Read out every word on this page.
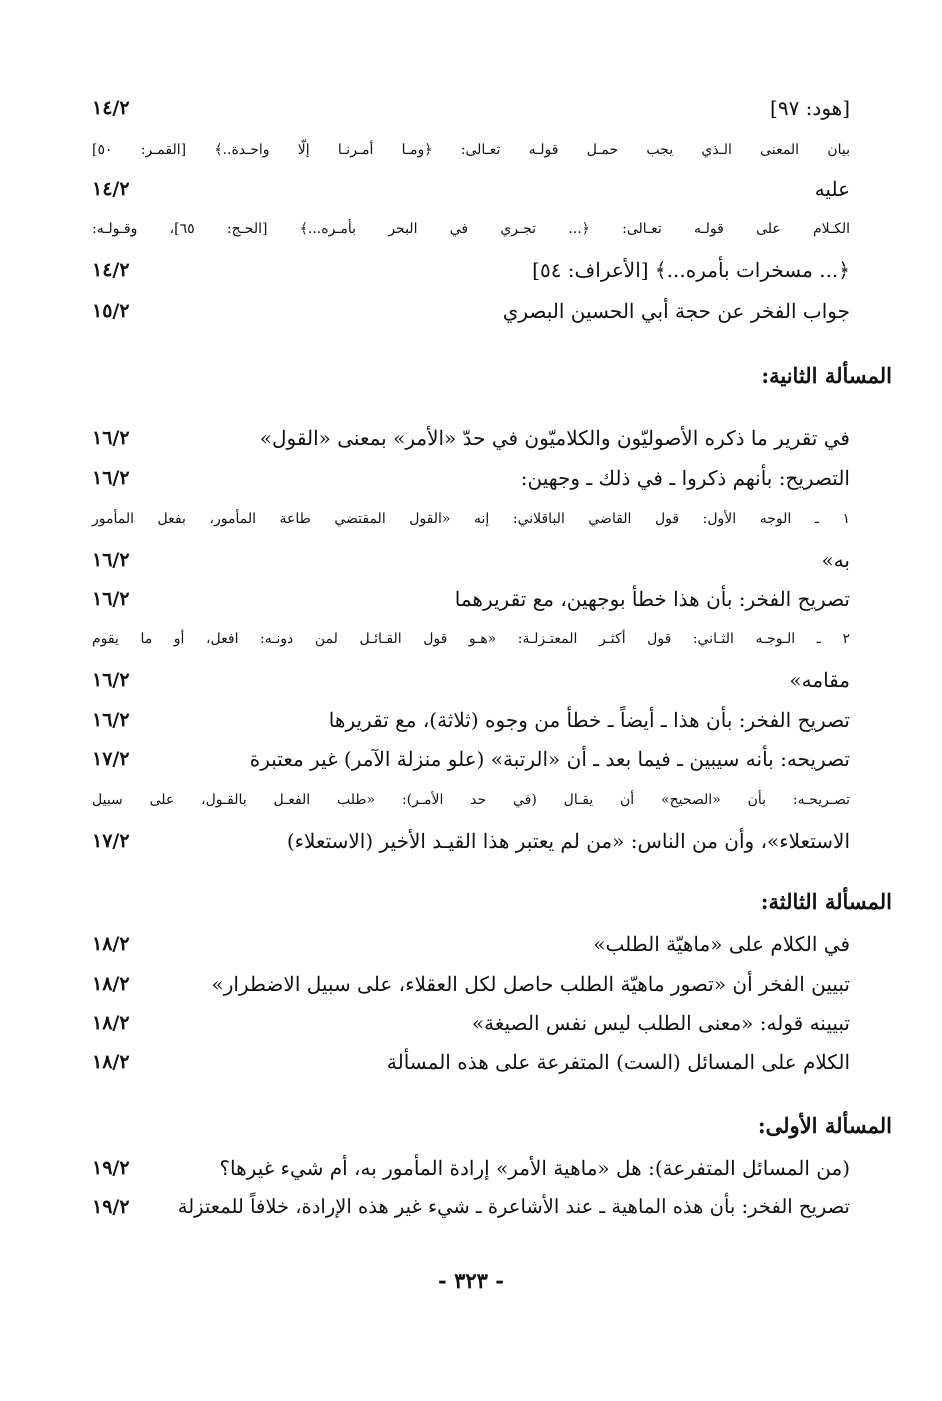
[هود: ٩٧]
١٤/٢
بيان المعنى الـذي يجب حمـل قولـه تعـالى: ﴿ومـا أمـرنـا إلّا واحـدة..﴾ [القمـر: ٥٠]
عليه
١٤/٢
الكـلام على قولـه تعـالى: ﴿... تجـري في البحر بأمـره...﴾ [الحـج: ٦٥]، وقـولـه:
﴿... مسخرات بأمره...﴾ [الأعراف: ٥٤]
١٤/٢
جواب الفخر عن حجة أبي الحسين البصري
١٥/٢
المسألة الثانية:
في تقرير ما ذكره الأصوليّون والكلاميّون في حدّ «الأمر» بمعنى «القول»
١٦/٢
التصريح: بأنهم ذكروا ـ في ذلك ـ وجهين:
١٦/٢
١ ـ الوجه الأول: قول القاضي الباقلاني: إنه «القول المقتضي طاعة المأمور، بفعل المأمور
به»
١٦/٢
تصريح الفخر: بأن هذا خطأ بوجهين، مع تقريرهما
١٦/٢
٢ ـ الـوجـه الثـاني: قول أكثـر المعتـزلـة: «هـو قول القـائـل لمن دونـه: افعل، أو ما يقوم
مقامه»
١٦/٢
تصريح الفخر: بأن هذا ـ أيضاً ـ خطأ من وجوه (ثلاثة)، مع تقريرها
١٦/٢
تصريحه: بأنه سيبين ـ فيما بعد ـ أن «الرتبة» (علو منزلة الآمر) غير معتبرة
١٧/٢
تصـريحـه: بأن «الصحيح» أن يقـال (في حد الأمـر): «طلب الفعـل بالقـول، على سبيل
الاستعلاء»، وأن من الناس: «من لم يعتبر هذا القيـد الأخير (الاستعلاء)
١٧/٢
المسألة الثالثة:
في الكلام على «ماهيّة الطلب»
١٨/٢
تبيين الفخر أن «تصور ماهيّة الطلب حاصل لكل العقلاء، على سبيل الاضطرار»
١٨/٢
تبيينه قوله: «معنى الطلب ليس نفس الصيغة»
١٨/٢
الكلام على المسائل (الست) المتفرعة على هذه المسألة
١٨/٢
المسألة الأولى:
(من المسائل المتفرعة): هل «ماهية الأمر» إرادة المأمور به، أم شيء غيرها؟
١٩/٢
تصريح الفخر: بأن هذه الماهية ـ عند الأشاعرة ـ شيء غير هذه الإرادة، خلافاً للمعتزلة
١٩/٢
- ٣٢٣ -
